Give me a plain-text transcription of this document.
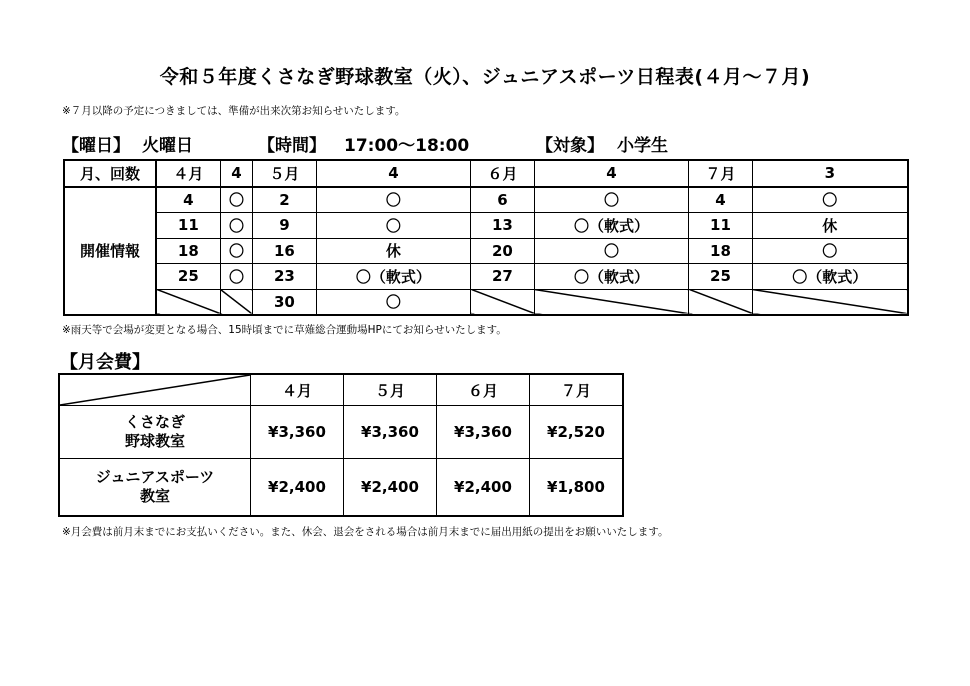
令和５年度くさなぎ野球教室（火）、ジュニアスポーツ日程表(４月～７月)
※７月以降の予定につきましては、準備が出来次第お知らせいたします。
【曜日】 火曜日	【時間】 17:00～18:00	【対象】 小学生
月、回数	４月	4	５月	4	６月	4	７月	3
開催情報	4	〇	2	〇	6	〇	4	〇
	11	〇	9	〇	13	〇（軟式）	11	休
	18	〇	16	休	20	〇	18	〇
	25	〇	23	〇（軟式）	27	〇（軟式）	25	〇（軟式）
			30	〇				
※雨天等で会場が変更となる場合、15時頃までに草薙総合運動場HPにてお知らせいたします。
【月会費】
	４月	５月	６月	７月

くさなぎ
野球教室	¥3,360	¥3,360	¥3,360	¥2,520

ジュニアスポーツ
教室	¥2,400	¥2,400	¥2,400	¥1,800
※月会費は前月末までにお支払いください。また、休会、退会をされる場合は前月末までに届出用紙の提出をお願いいたします。
